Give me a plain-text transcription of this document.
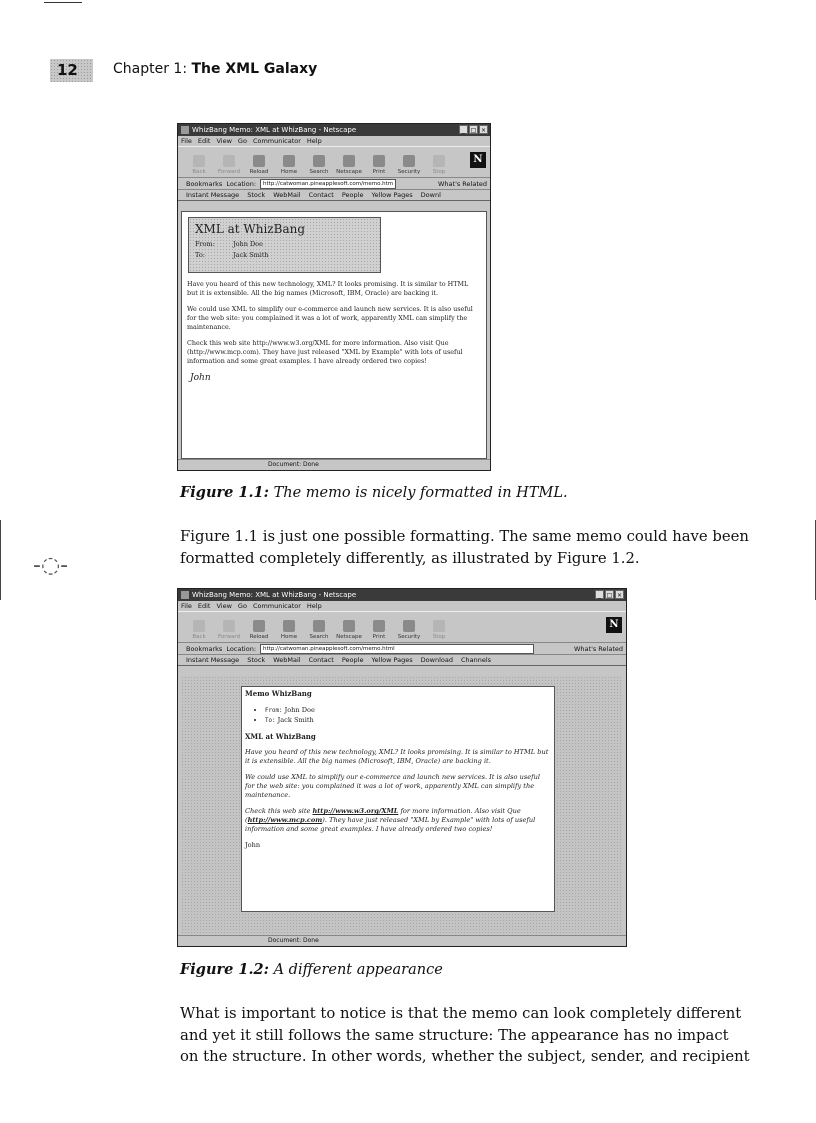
12	Chapter 1: The XML Galaxy
-◌-
WhizBang Memo: XML at WhizBang - Netscape	_ □ ×
File Edit View Go Communicator Help
Back	Forward	Reload	Home	Search	Netscape	Print	Security	Stop
N
Bookmarks Location:	http://catwoman.pineapplesoft.com/memo.htm	What's Related
Instant Message Stock WebMail Contact People Yellow Pages Downl
XML at WhizBang
From:	John Doe
To:	Jack Smith
Have you heard of this new technology, XML? It looks promising. It is similar to HTML but it is extensible. All the big names (Microsoft, IBM, Oracle) are backing it.
We could use XML to simplify our e-commerce and launch new services. It is also useful for the web site: you complained it was a lot of work, apparently XML can simplify the maintenance.
Check this web site http://www.w3.org/XML for more information. Also visit Que (http://www.mcp.com). They have just released "XML by Example" with lots of useful information and some great examples. I have already ordered two copies!
John
Document: Done
Figure 1.1: The memo is nicely formatted in HTML.
Figure 1.1 is just one possible formatting. The same memo could have been
formatted completely differently, as illustrated by Figure 1.2.
WhizBang Memo: XML at WhizBang - Netscape	_ □ ×
File Edit View Go Communicator Help
Back	Forward	Reload	Home	Search	Netscape	Print	Security	Stop
N
Bookmarks Location:	http://catwoman.pineapplesoft.com/memo.html	What's Related
Instant Message Stock WebMail Contact People Yellow Pages Download Channels
Memo WhizBang
• From: John Doe
• To: Jack Smith
XML at WhizBang
Have you heard of this new technology, XML? It looks promising. It is similar to HTML but it is extensible. All the big names (Microsoft, IBM, Oracle) are backing it.
We could use XML to simplify our e-commerce and launch new services. It is also useful for the web site: you complained it was a lot of work, apparently XML can simplify the maintenance.
Check this web site http://www.w3.org/XML for more information. Also visit Que (http://www.mcp.com). They have just released "XML by Example" with lots of useful information and some great examples. I have already ordered two copies!
John
Document: Done
Figure 1.2: A different appearance
What is important to notice is that the memo can look completely different
and yet it still follows the same structure: The appearance has no impact
on the structure. In other words, whether the subject, sender, and recipient
